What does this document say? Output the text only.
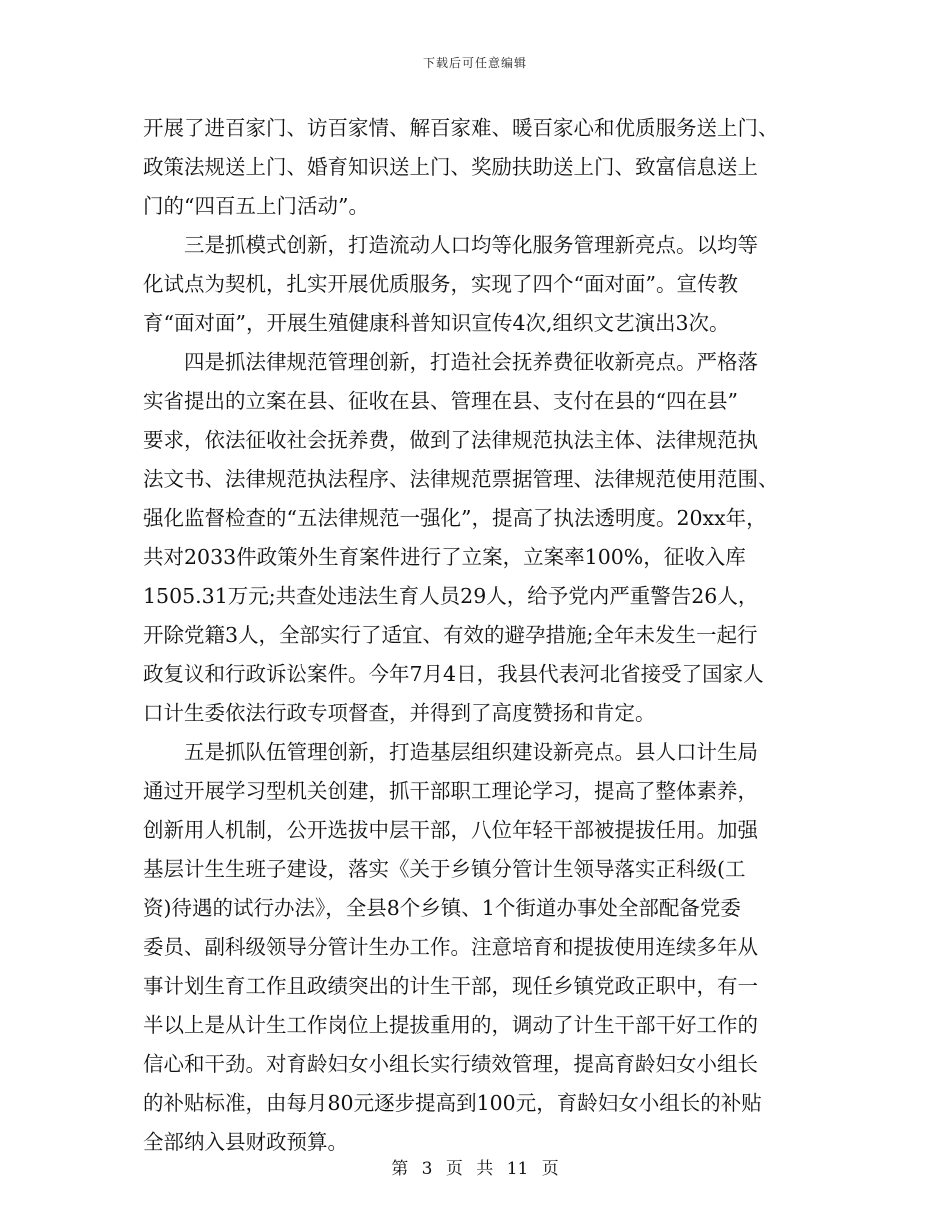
下载后可任意编辑
开展了进百家门、访百家情、解百家难、暖百家心和优质服务送上门、
政策法规送上门、婚育知识送上门、奖励扶助送上门、致富信息送上
门的“四百五上门活动”。
　　三是抓模式创新，打造流动人口均等化服务管理新亮点。以均等
化试点为契机，扎实开展优质服务，实现了四个“面对面”。宣传教
育“面对面”，开展生殖健康科普知识宣传4次,组织文艺演出3次。
　　四是抓法律规范管理创新，打造社会抚养费征收新亮点。严格落
实省提出的立案在县、征收在县、管理在县、支付在县的“四在县”
要求，依法征收社会抚养费，做到了法律规范执法主体、法律规范执
法文书、法律规范执法程序、法律规范票据管理、法律规范使用范围、
强化监督检查的“五法律规范一强化”，提高了执法透明度。20xx年，
共对2033件政策外生育案件进行了立案，立案率100%，征收入库
1505.31万元;共查处违法生育人员29人，给予党内严重警告26人，
开除党籍3人，全部实行了适宜、有效的避孕措施;全年未发生一起行
政复议和行政诉讼案件。今年7月4日，我县代表河北省接受了国家人
口计生委依法行政专项督查，并得到了高度赞扬和肯定。
　　五是抓队伍管理创新，打造基层组织建设新亮点。县人口计生局
通过开展学习型机关创建，抓干部职工理论学习，提高了整体素养，
创新用人机制，公开选拔中层干部，八位年轻干部被提拔任用。加强
基层计生生班子建设，落实《关于乡镇分管计生领导落实正科级(工
资)待遇的试行办法》，全县8个乡镇、1个街道办事处全部配备党委
委员、副科级领导分管计生办工作。注意培育和提拔使用连续多年从
事计划生育工作且政绩突出的计生干部，现任乡镇党政正职中，有一
半以上是从计生工作岗位上提拔重用的，调动了计生干部干好工作的
信心和干劲。对育龄妇女小组长实行绩效管理，提高育龄妇女小组长
的补贴标准，由每月80元逐步提高到100元，育龄妇女小组长的补贴
全部纳入县财政预算。
第 3 页 共 11 页
